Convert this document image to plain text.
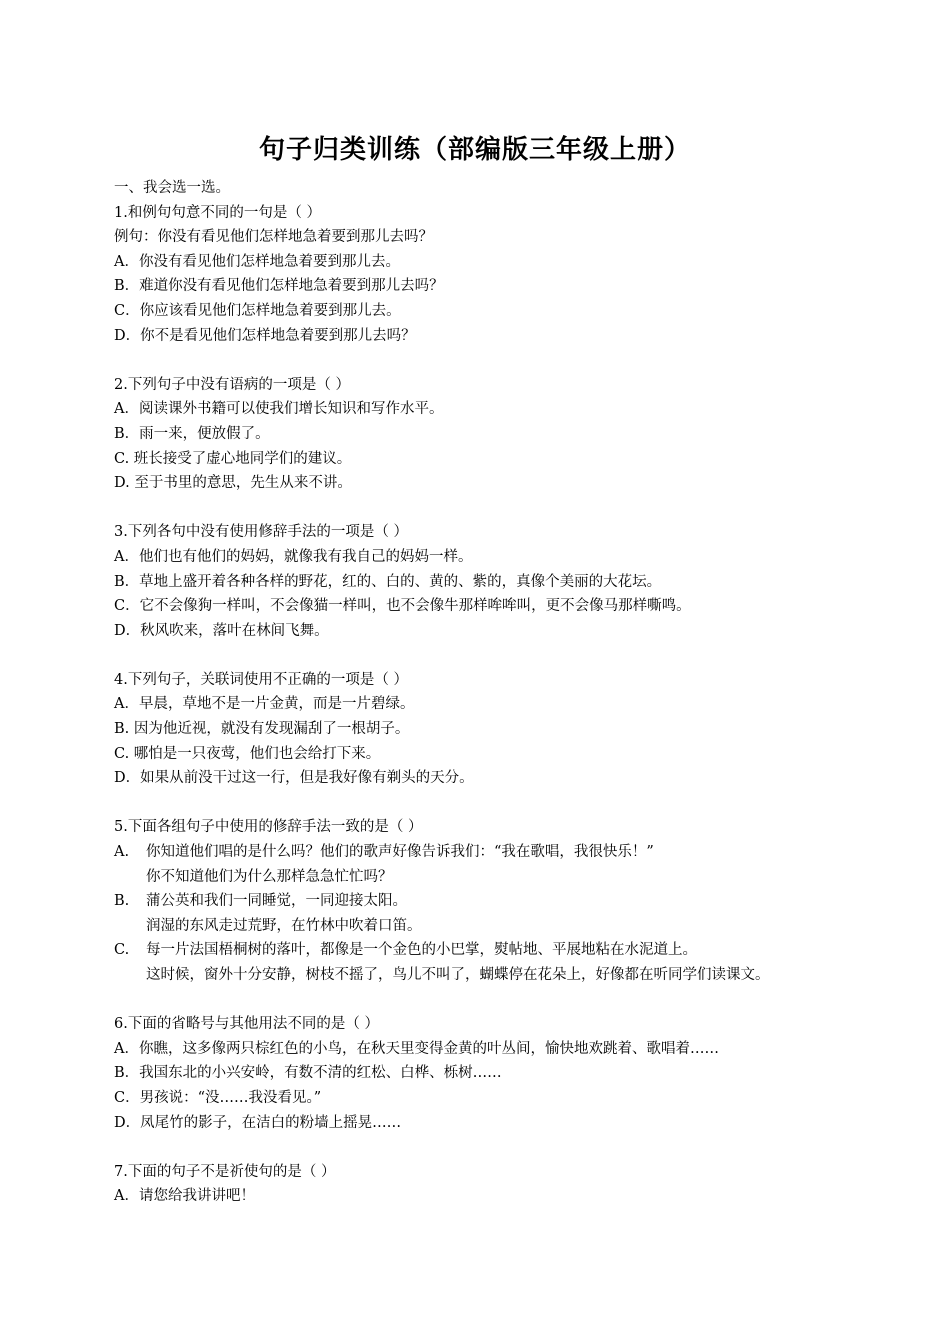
句子归类训练（部编版三年级上册）
一、我会选一选。
1.和例句句意不同的一句是（ ）
例句：你没有看见他们怎样地急着要到那儿去吗？
A．你没有看见他们怎样地急着要到那儿去。
B．难道你没有看见他们怎样地急着要到那儿去吗？
C．你应该看见他们怎样地急着要到那儿去。
D．你不是看见他们怎样地急着要到那儿去吗？
2.下列句子中没有语病的一项是（ ）
A．阅读课外书籍可以使我们增长知识和写作水平。
B．雨一来，便放假了。
C. 班长接受了虚心地同学们的建议。
D. 至于书里的意思，先生从来不讲。
3.下列各句中没有使用修辞手法的一项是（ ）
A．他们也有他们的妈妈，就像我有我自己的妈妈一样。
B．草地上盛开着各种各样的野花，红的、白的、黄的、紫的，真像个美丽的大花坛。
C．它不会像狗一样叫，不会像猫一样叫，也不会像牛那样哞哞叫，更不会像马那样嘶鸣。
D．秋风吹来，落叶在林间飞舞。
4.下列句子，关联词使用不正确的一项是（ ）
A．早晨，草地不是一片金黄，而是一片碧绿。
B. 因为他近视，就没有发现漏刮了一根胡子。
C. 哪怕是一只夜莺，他们也会给打下来。
D．如果从前没干过这一行，但是我好像有剃头的天分。
5.下面各组句子中使用的修辞手法一致的是（ ）
A. 你知道他们唱的是什么吗？他们的歌声好像告诉我们：“我在歌唱，我很快乐！”
你不知道他们为什么那样急急忙忙吗？
B. 蒲公英和我们一同睡觉，一同迎接太阳。
润湿的东风走过荒野，在竹林中吹着口笛。
C. 每一片法国梧桐树的落叶，都像是一个金色的小巴掌，熨帖地、平展地粘在水泥道上。
这时候，窗外十分安静，树枝不摇了，鸟儿不叫了，蝴蝶停在花朵上，好像都在听同学们读课文。
6.下面的省略号与其他用法不同的是（ ）
A．你瞧，这多像两只棕红色的小鸟，在秋天里变得金黄的叶丛间，愉快地欢跳着、歌唱着……
B．我国东北的小兴安岭，有数不清的红松、白桦、栎树……
C．男孩说：“没……我没看见。”
D．凤尾竹的影子，在洁白的粉墙上摇晃……
7.下面的句子不是祈使句的是（ ）
A．请您给我讲讲吧！
